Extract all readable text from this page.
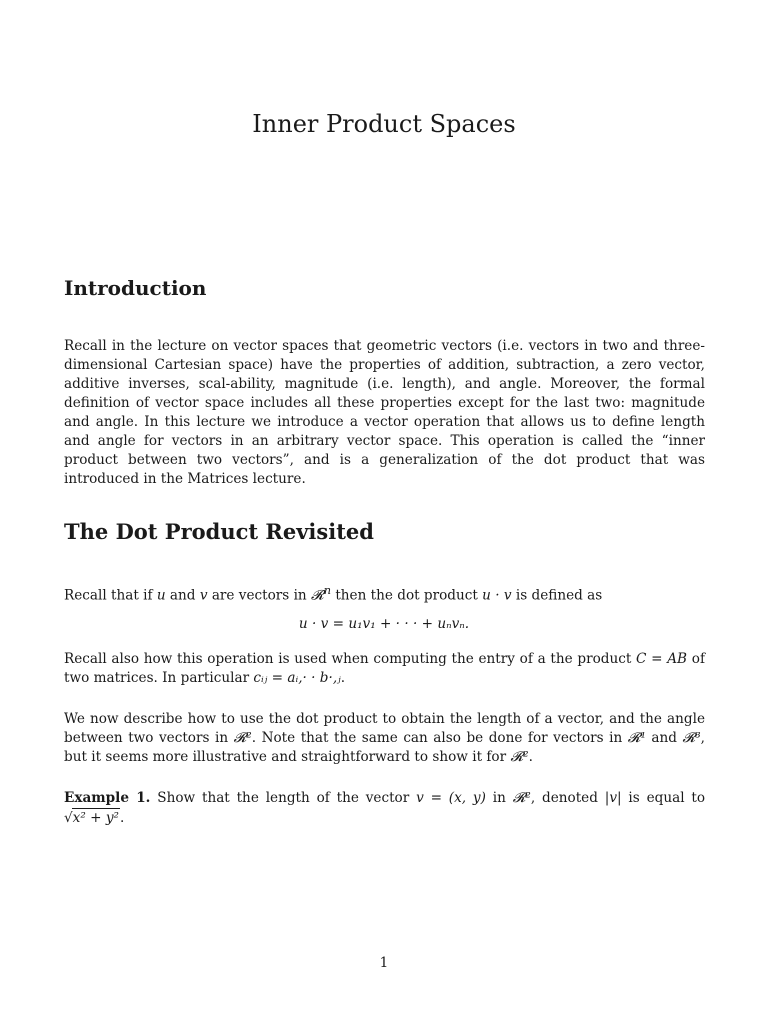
Inner Product Spaces
Introduction

Recall in the lecture on vector spaces that geometric vectors (i.e. vectors in two and three-dimensional Cartesian space) have the properties of addition, subtraction, a zero vector, additive inverses, scal-ability, magnitude (i.e. length), and angle. Moreover, the formal definition of vector space includes all these properties except for the last two: magnitude and angle. In this lecture we introduce a vector operation that allows us to define length and angle for vectors in an arbitrary vector space. This operation is called the “inner product between two vectors”, and is a generalization of the dot product that was introduced in the Matrices lecture.

The Dot Product Revisited

Recall that if u and v are vectors in 𝓡$^n$ then the dot product u · v is defined as

u · v = u₁v₁ + · · · + uₙvₙ.

Recall also how this operation is used when computing the entry of a the product C = AB of two matrices. In particular cᵢⱼ = aᵢ,· · b·,ⱼ.

We now describe how to use the dot product to obtain the length of a vector, and the angle between two vectors in 𝓡². Note that the same can also be done for vectors in 𝓡¹ and 𝓡³, but it seems more illustrative and straightforward to show it for 𝓡².

Example 1. Show that the length of the vector v = (x, y) in 𝓡², denoted |v| is equal to √x² + y².

1
